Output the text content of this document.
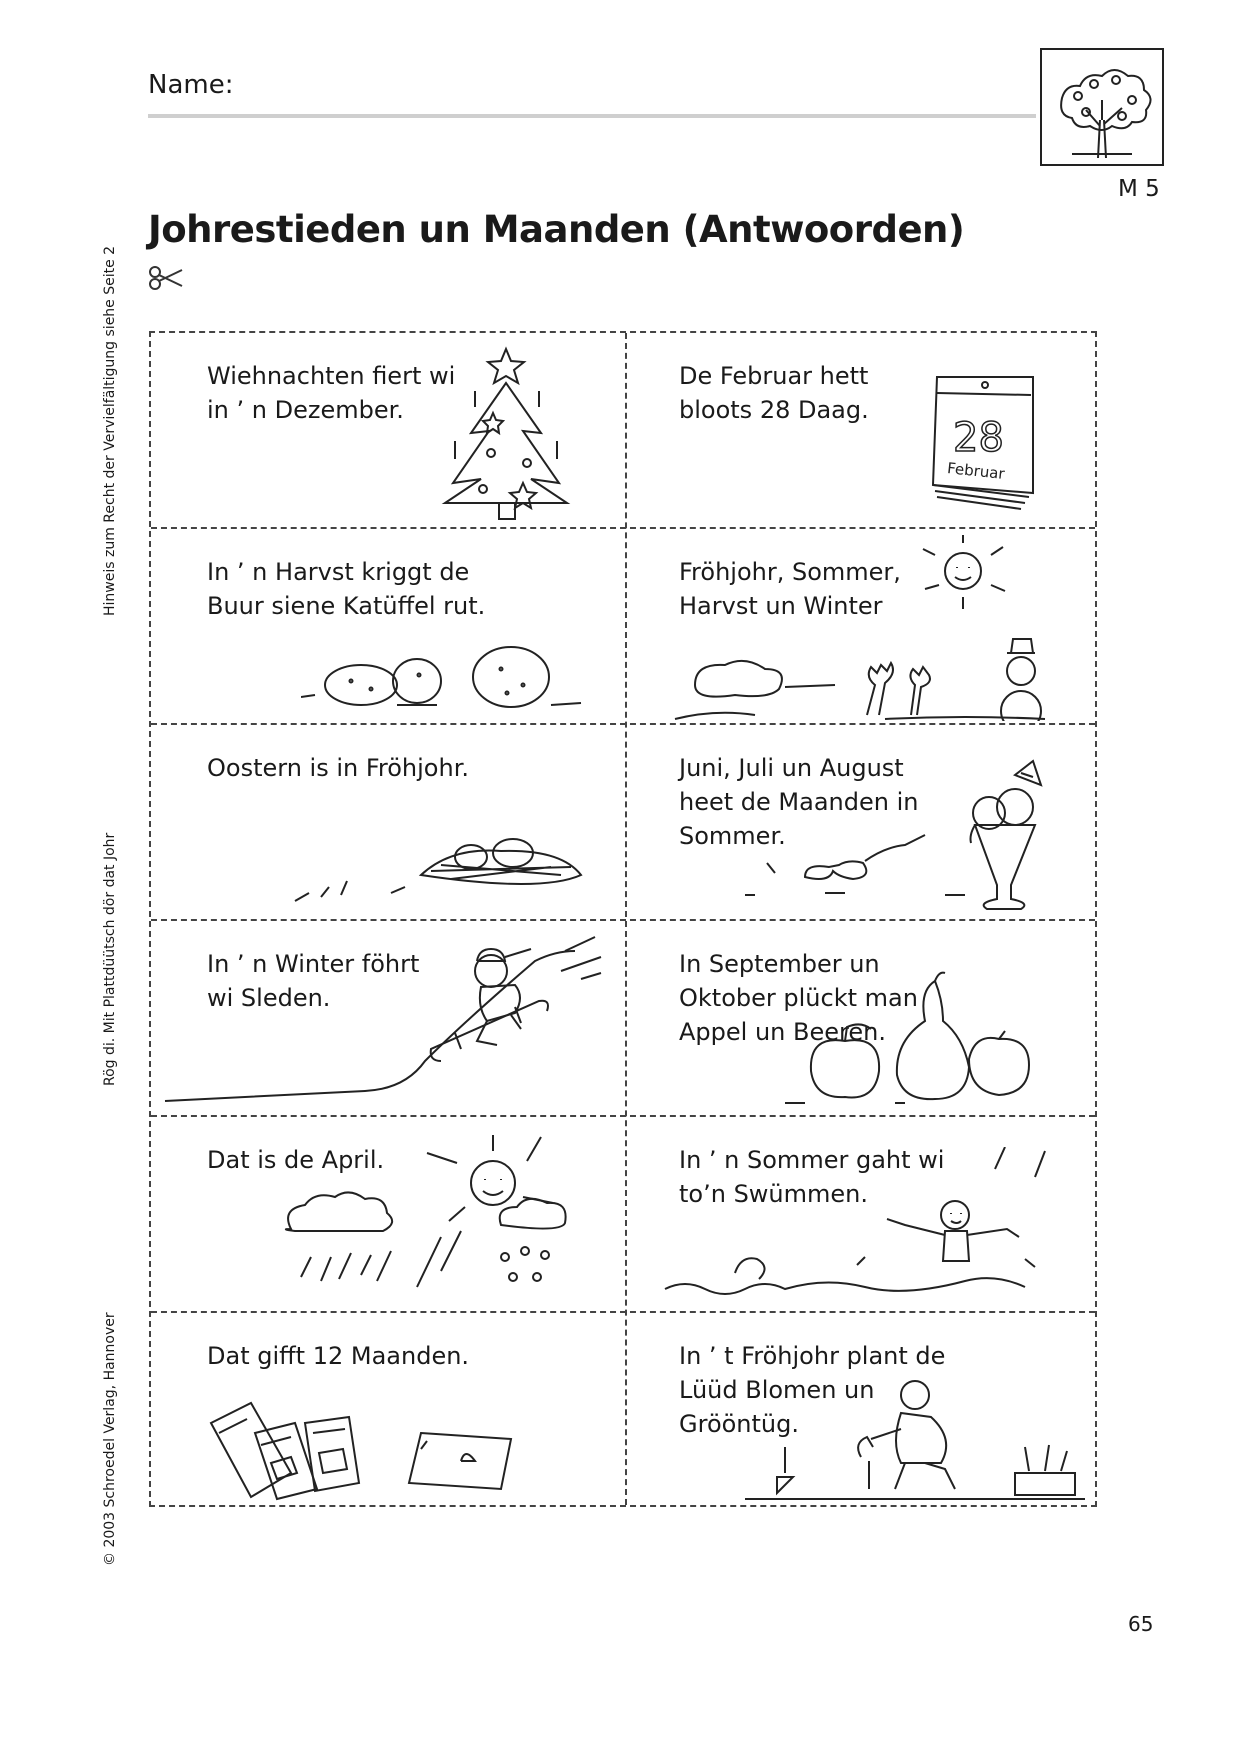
Name:
M 5
Johrestieden un Maanden (Antwoorden)
Hinweis zum Recht der Vervielfältigung siehe Seite 2
Rög di. Mit Plattdüütsch dör dat Johr
© 2003 Schroedel Verlag, Hannover
Wiehnachten fiert wi
in ’ n Dezember.
De Februar hett
bloots 28 Daag.
28
Februar
In ’ n Harvst kriggt de
Buur siene Katüffel rut.
Fröhjohr, Sommer,
Harvst un Winter
Oostern is in Fröhjohr.	Juni, Juli un August
heet de Maanden in
Sommer.
In ’ n Winter föhrt
wi Sleden.
In September un
Oktober plückt man
Appel un Beeren.
Dat is de April.	In ’ n Sommer gaht wi
to’n Swümmen.
Dat gifft 12 Maanden.	In ’ t Fröhjohr plant de
Lüüd Blomen un
Grööntüg.
65
